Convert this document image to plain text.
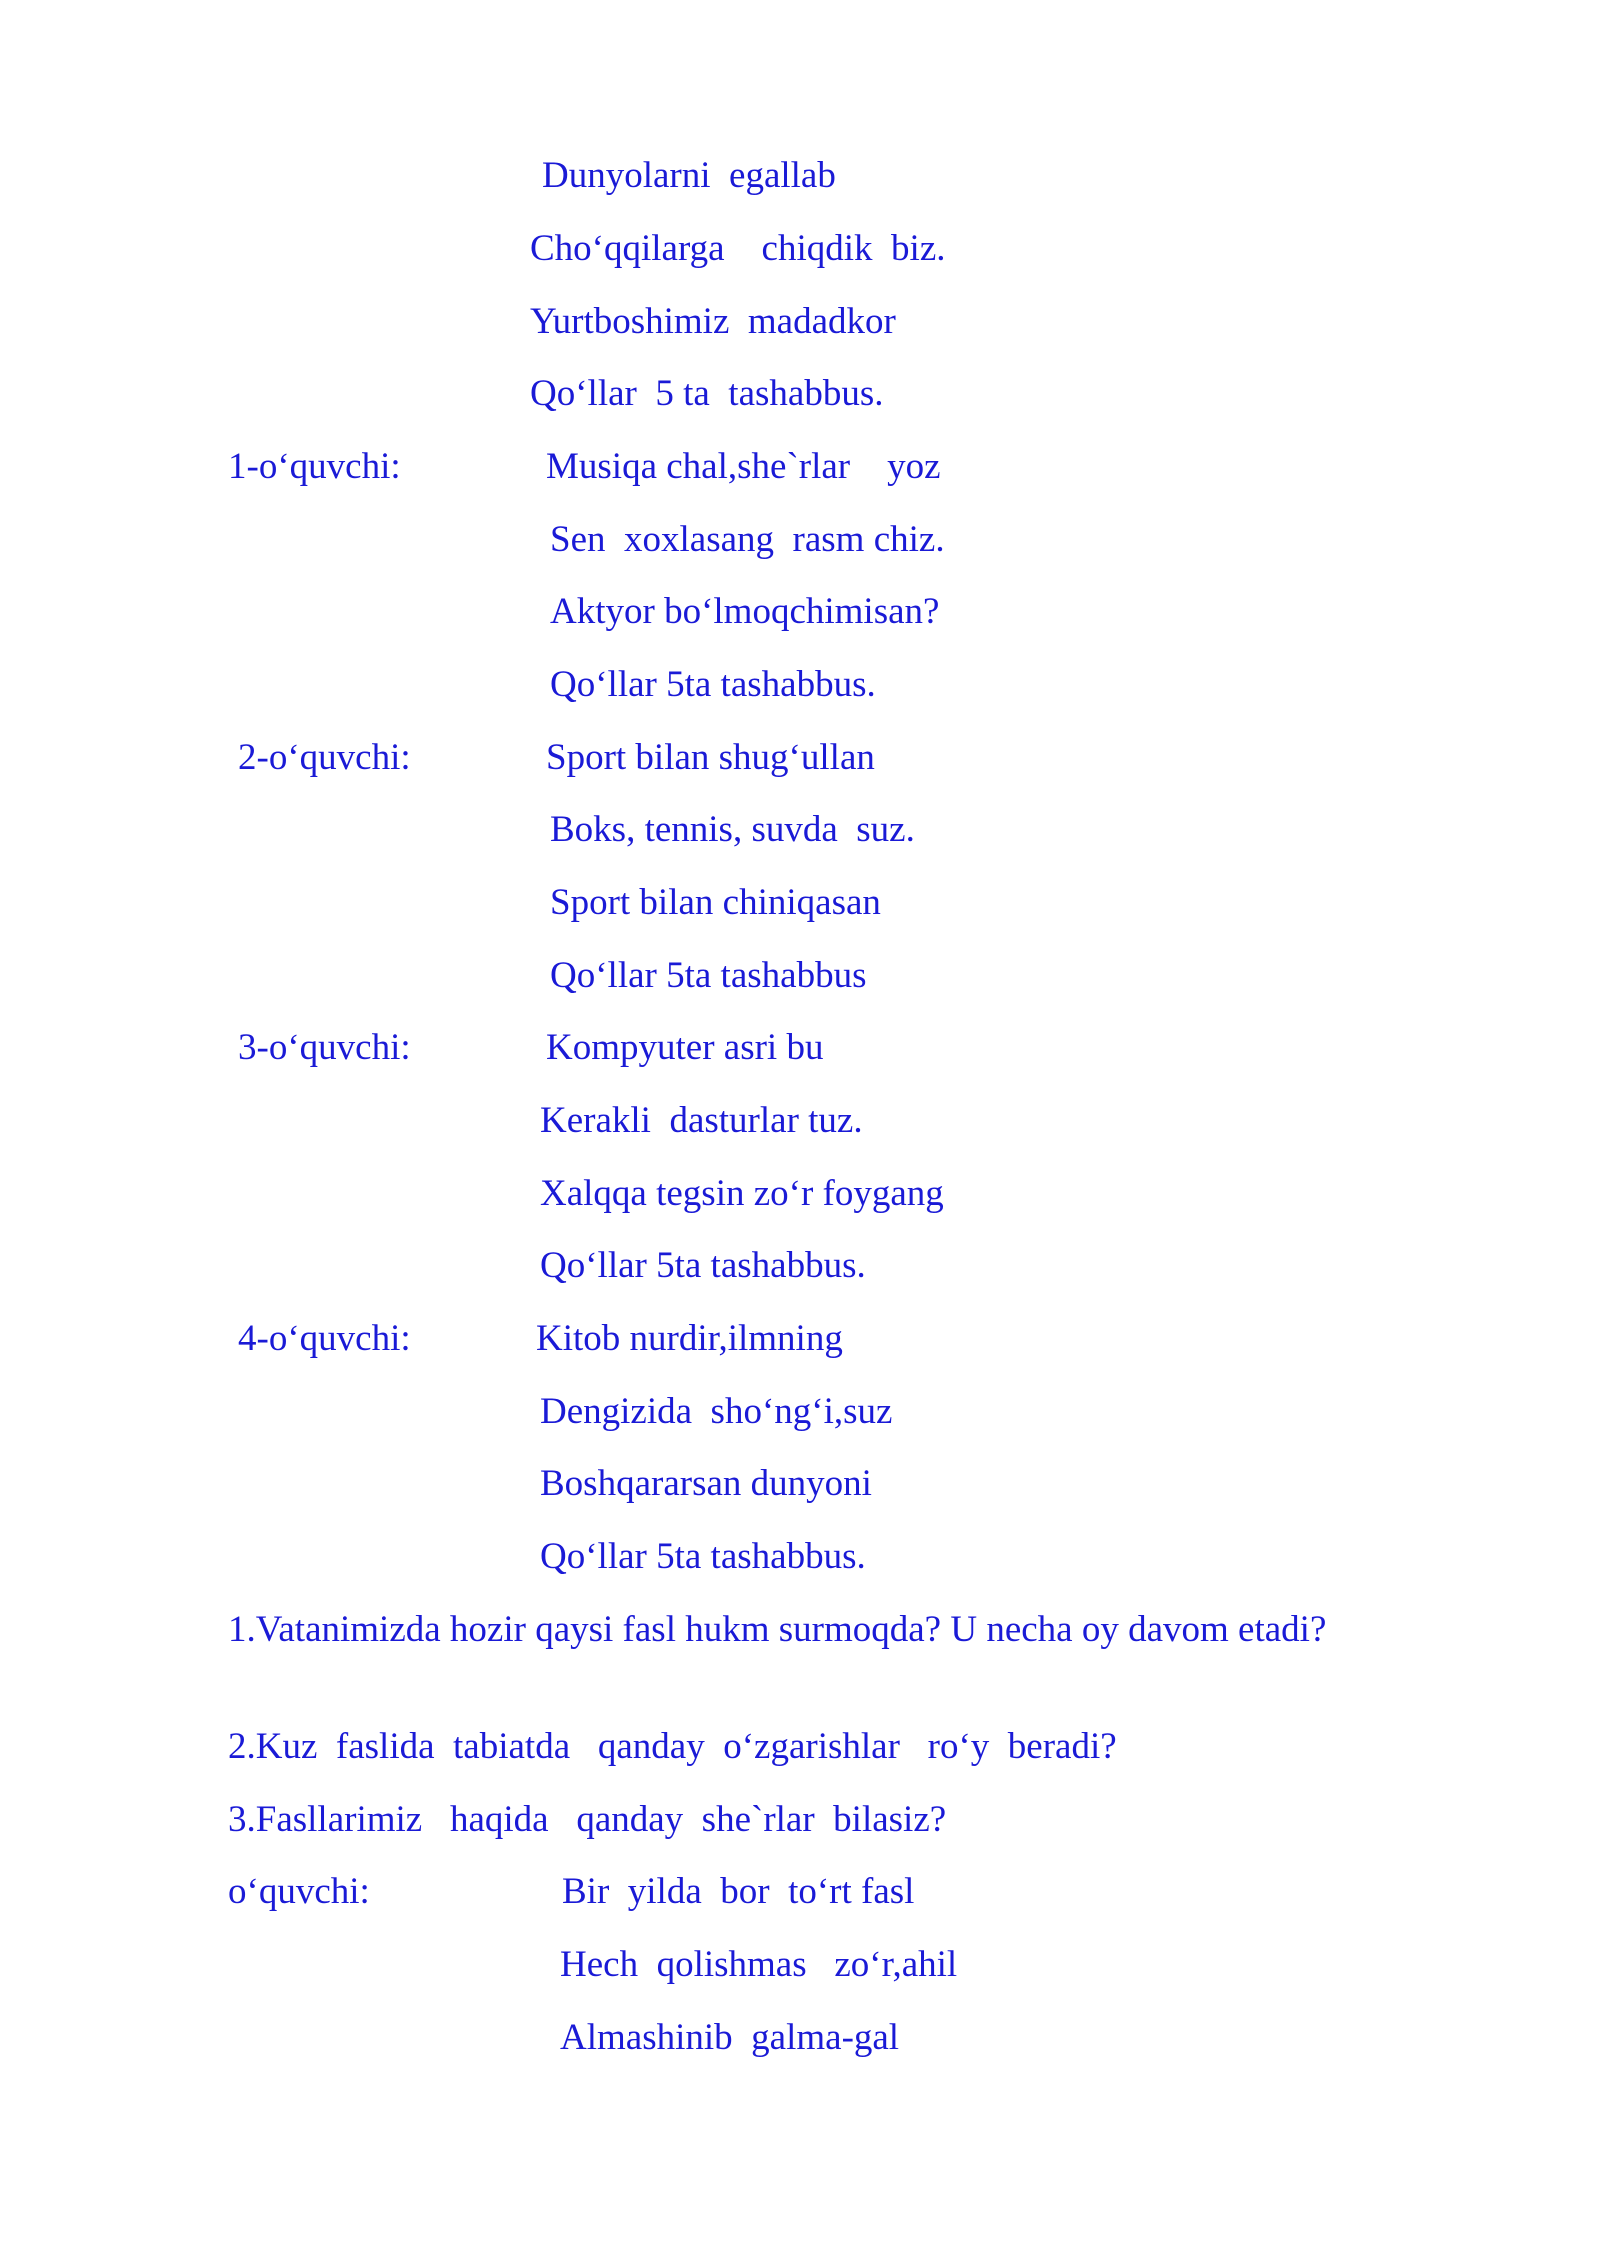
Dunyolarni  egallab
Cho‘qqilarga    chiqdik  biz.
Yurtboshimiz  madadkor
Qo‘llar  5 ta  tashabbus.
1-o‘quvchi:	Musiqa chal,she`rlar    yoz
Sen  xoxlasang  rasm chiz.
Aktyor bo‘lmoqchimisan?
Qo‘llar 5ta tashabbus.
2-o‘quvchi:	Sport bilan shug‘ullan
Boks, tennis, suvda  suz.
Sport bilan chiniqasan
Qo‘llar 5ta tashabbus
3-o‘quvchi:	Kompyuter asri bu
Kerakli  dasturlar tuz.
Xalqqa tegsin zo‘r foygang
Qo‘llar 5ta tashabbus.
4-o‘quvchi:	Kitob nurdir,ilmning
Dengizida  sho‘ng‘i,suz
Boshqararsan dunyoni
Qo‘llar 5ta tashabbus.
1.Vatanimizda hozir qaysi fasl hukm surmoqda? U necha oy davom etadi?
2.Kuz  faslida  tabiatda   qanday  o‘zgarishlar   ro‘y  beradi?
3.Fasllarimiz   haqida   qanday  she`rlar  bilasiz?
o‘quvchi:	Bir  yilda  bor  to‘rt fasl
Hech  qolishmas   zo‘r,ahil
Almashinib  galma-gal
